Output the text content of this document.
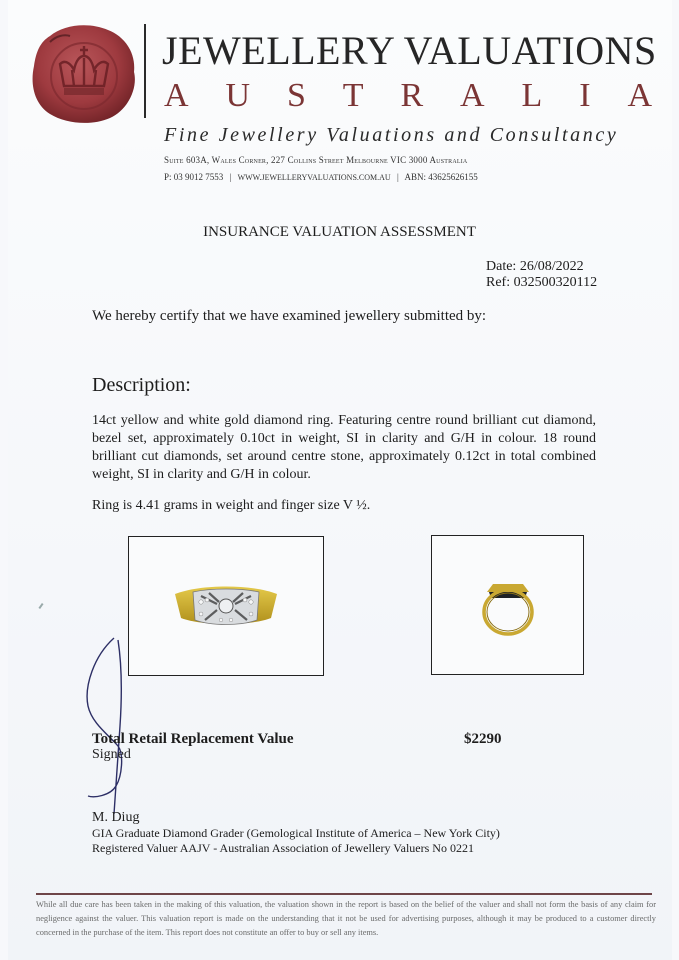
JEWELLERY VALUATIONS
A U S T R A L I A
Fine Jewellery Valuations and Consultancy
Suite 603A, Wales Corner, 227 Collins Street Melbourne VIC 3000 Australia
P: 03 9012 7553 | WWW.JEWELLERYVALUATIONS.COM.AU | ABN: 43625626155
INSURANCE VALUATION ASSESSMENT
Date: 26/08/2022
Ref: 032500320112
We hereby certify that we have examined jewellery submitted by:
Description:
14ct yellow and white gold diamond ring. Featuring centre round brilliant cut diamond, bezel set, approximately 0.10ct in weight, SI in clarity and G/H in colour. 18 round brilliant cut diamonds, set around centre stone, approximately 0.12ct in total combined weight, SI in clarity and G/H in colour.
Ring is 4.41 grams in weight and finger size V ½.
Total Retail Replacement Value	$2290
Signed
M. Diug
GIA Graduate Diamond Grader (Gemological Institute of America – New York City)
Registered Valuer AAJV - Australian Association of Jewellery Valuers No 0221
While all due care has been taken in the making of this valuation, the valuation shown in the report is based on the belief of the valuer and shall not form the basis of any claim for negligence against the valuer. This valuation report is made on the understanding that it not be used for advertising purposes, although it may be produced to a customer directly concerned in the purchase of the item. This report does not constitute an offer to buy or sell any items.
